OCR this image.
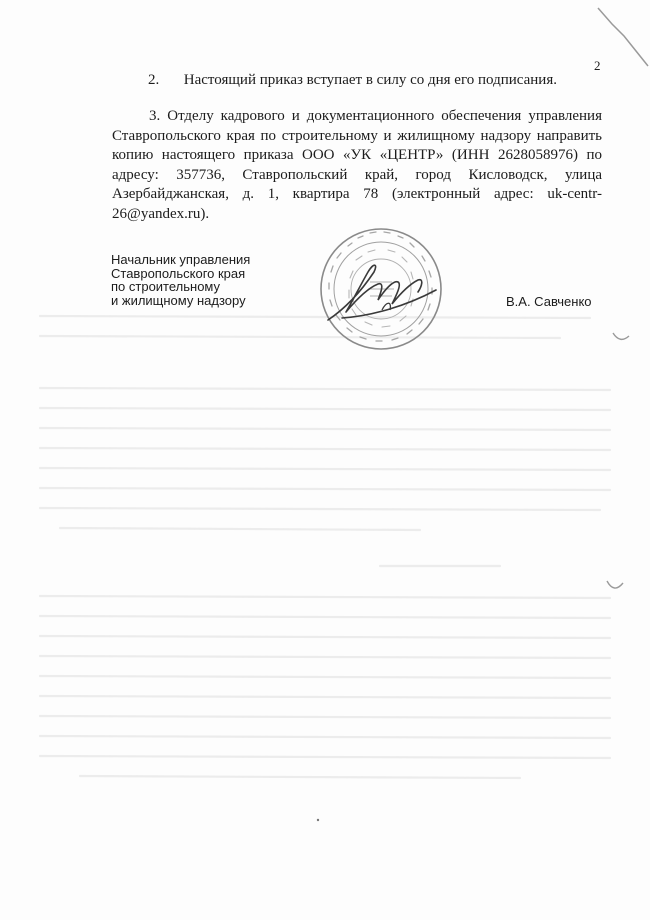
2
2. Настоящий приказ вступает в силу со дня его подписания.
3. Отделу кадрового и документационного обеспечения управления Ставропольского края по строительному и жилищному надзору направить копию настоящего приказа ООО «УК «ЦЕНТР» (ИНН 2628058976) по адресу: 357736, Ставропольский край, город Кисловодск, улица Азербайджанская, д. 1, квартира 78 (электронный адрес: uk-centr-26@yandex.ru).
Начальник управления
Ставропольского края
по строительному
и жилищному надзору	В.А. Савченко
